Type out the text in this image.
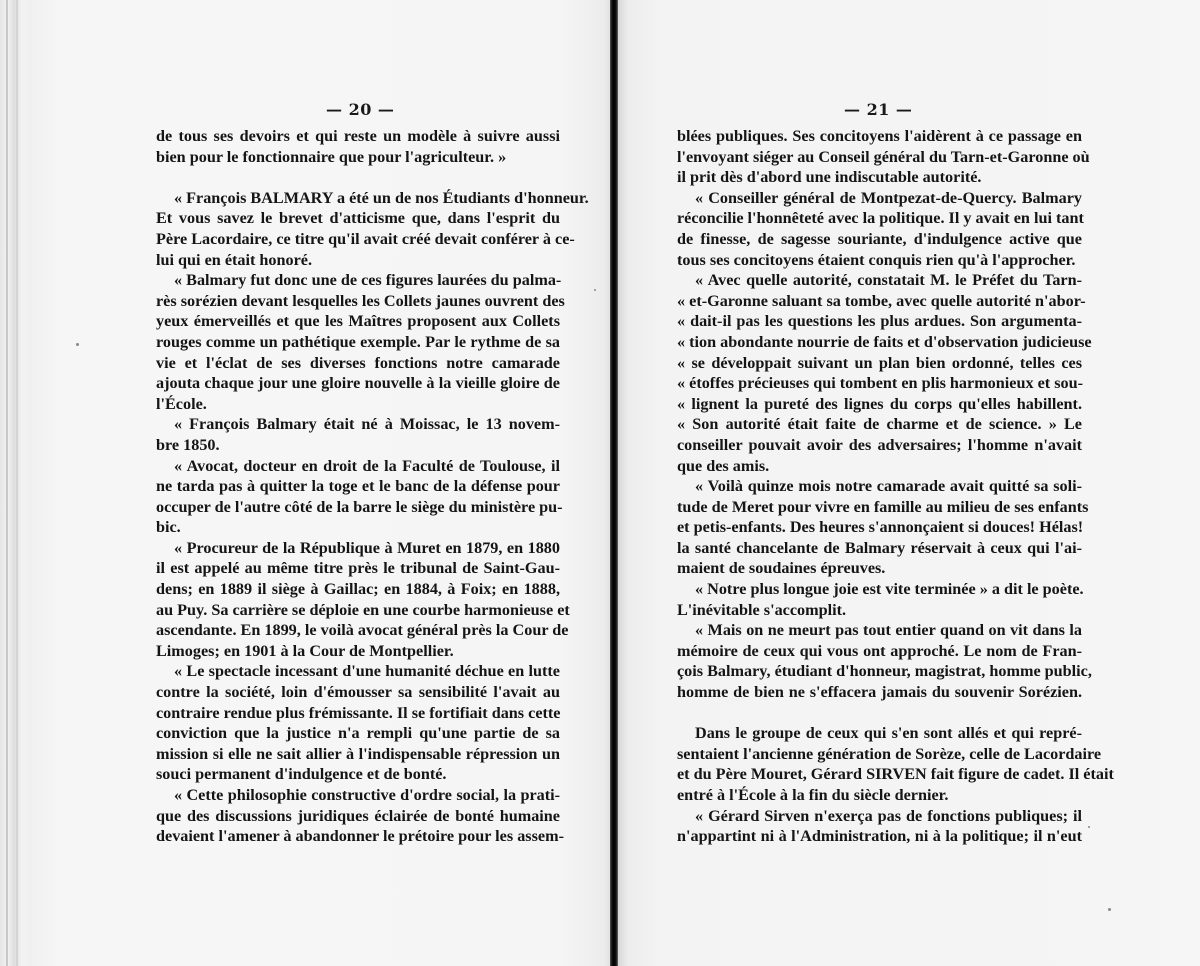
— 20 —
de tous ses devoirs et qui reste un modèle à suivre aussi
bien pour le fonctionnaire que pour l'agriculteur. »
« François BALMARY a été un de nos Étudiants d'honneur.
Et vous savez le brevet d'atticisme que, dans l'esprit du
Père Lacordaire, ce titre qu'il avait créé devait conférer à ce-
lui qui en était honoré.
« Balmary fut donc une de ces figures laurées du palma-
rès sorézien devant lesquelles les Collets jaunes ouvrent des
yeux émerveillés et que les Maîtres proposent aux Collets
rouges comme un pathétique exemple. Par le rythme de sa
vie et l'éclat de ses diverses fonctions notre camarade
ajouta chaque jour une gloire nouvelle à la vieille gloire de
l'École.
« François Balmary était né à Moissac, le 13 novem-
bre 1850.
« Avocat, docteur en droit de la Faculté de Toulouse, il
ne tarda pas à quitter la toge et le banc de la défense pour
occuper de l'autre côté de la barre le siège du ministère pu-
bic.
« Procureur de la République à Muret en 1879, en 1880
il est appelé au même titre près le tribunal de Saint-Gau-
dens; en 1889 il siège à Gaillac; en 1884, à Foix; en 1888,
au Puy. Sa carrière se déploie en une courbe harmonieuse et
ascendante. En 1899, le voilà avocat général près la Cour de
Limoges; en 1901 à la Cour de Montpellier.
« Le spectacle incessant d'une humanité déchue en lutte
contre la société, loin d'émousser sa sensibilité l'avait au
contraire rendue plus frémissante. Il se fortifiait dans cette
conviction que la justice n'a rempli qu'une partie de sa
mission si elle ne sait allier à l'indispensable répression un
souci permanent d'indulgence et de bonté.
« Cette philosophie constructive d'ordre social, la prati-
que des discussions juridiques éclairée de bonté humaine
devaient l'amener à abandonner le prétoire pour les assem-
— 21 —
blées publiques. Ses concitoyens l'aidèrent à ce passage en
l'envoyant siéger au Conseil général du Tarn-et-Garonne où
il prit dès d'abord une indiscutable autorité.
« Conseiller général de Montpezat-de-Quercy. Balmary
réconcilie l'honnêteté avec la politique. Il y avait en lui tant
de finesse, de sagesse souriante, d'indulgence active que
tous ses concitoyens étaient conquis rien qu'à l'approcher.
« Avec quelle autorité, constatait M. le Préfet du Tarn-
« et-Garonne saluant sa tombe, avec quelle autorité n'abor-
« dait-il pas les questions les plus ardues. Son argumenta-
« tion abondante nourrie de faits et d'observation judicieuse
« se développait suivant un plan bien ordonné, telles ces
« étoffes précieuses qui tombent en plis harmonieux et sou-
« lignent la pureté des lignes du corps qu'elles habillent.
« Son autorité était faite de charme et de science. » Le
conseiller pouvait avoir des adversaires; l'homme n'avait
que des amis.
« Voilà quinze mois notre camarade avait quitté sa soli-
tude de Meret pour vivre en famille au milieu de ses enfants
et petis-enfants. Des heures s'annonçaient si douces! Hélas!
la santé chancelante de Balmary réservait à ceux qui l'ai-
maient de soudaines épreuves.
« Notre plus longue joie est vite terminée » a dit le poète.
L'inévitable s'accomplit.
« Mais on ne meurt pas tout entier quand on vit dans la
mémoire de ceux qui vous ont approché. Le nom de Fran-
çois Balmary, étudiant d'honneur, magistrat, homme public,
homme de bien ne s'effacera jamais du souvenir Sorézien.
Dans le groupe de ceux qui s'en sont allés et qui repré-
sentaient l'ancienne génération de Sorèze, celle de Lacordaire
et du Père Mouret, Gérard SIRVEN fait figure de cadet. Il était
entré à l'École à la fin du siècle dernier.
« Gérard Sirven n'exerça pas de fonctions publiques; il
n'appartint ni à l'Administration, ni à la politique; il n'eut
